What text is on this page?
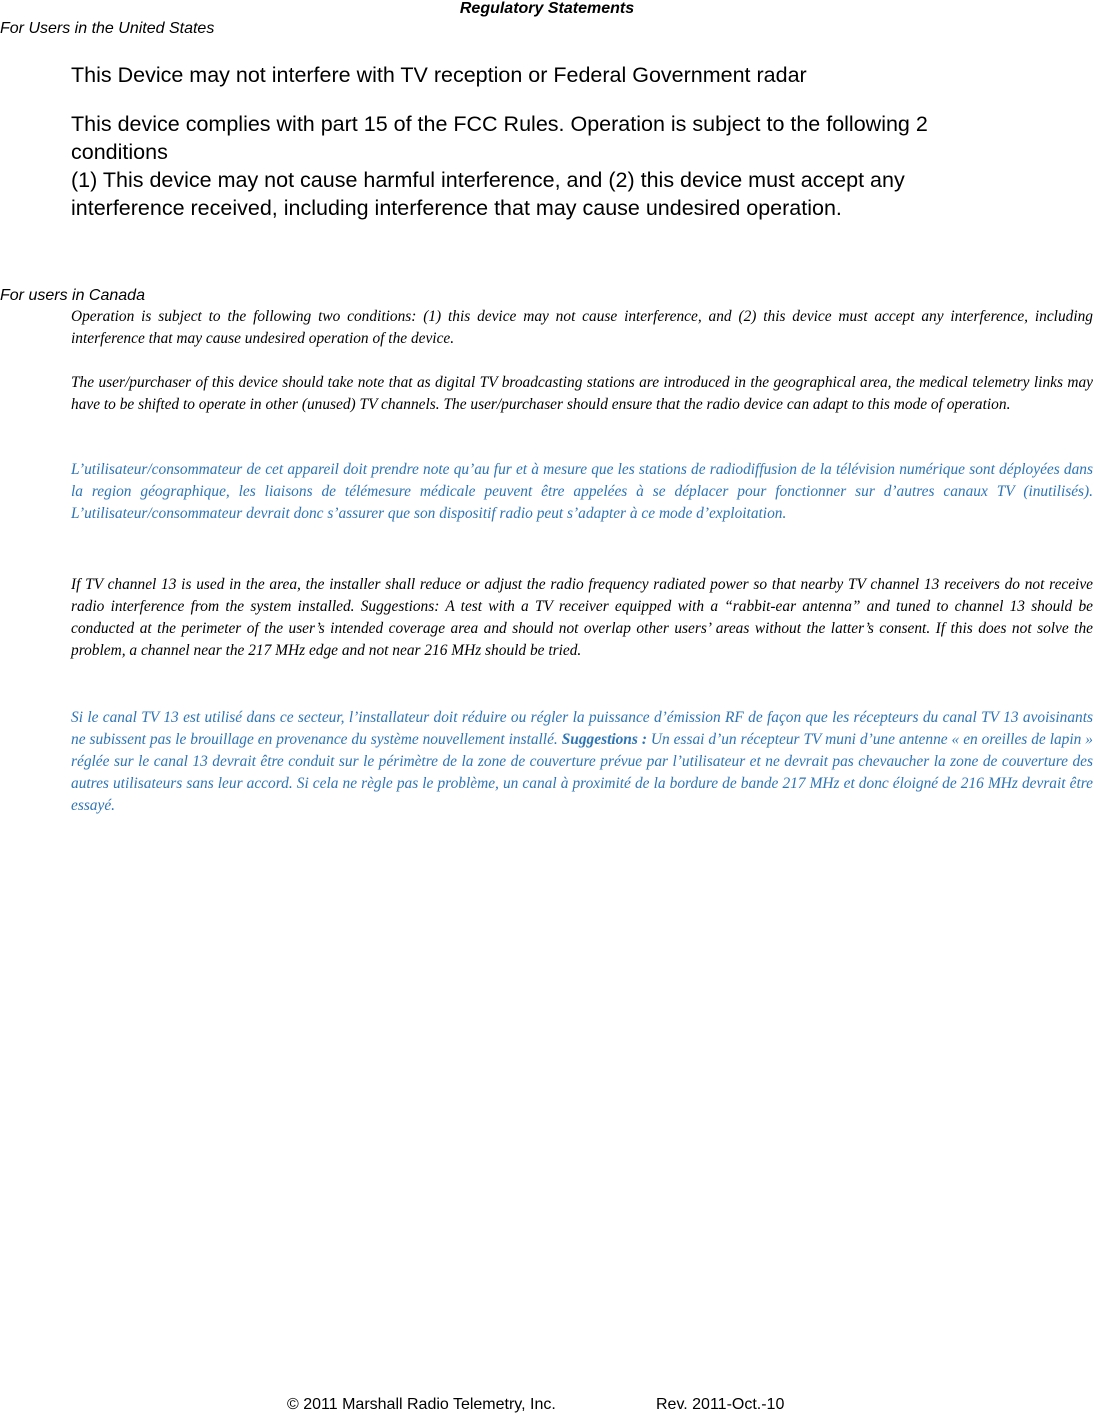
Regulatory Statements
For Users in the United States
This Device may not interfere with TV reception or Federal Government radar
This device complies with part 15 of the FCC Rules. Operation is subject to the following 2
conditions
(1) This device may not cause harmful interference, and (2) this device must accept any
interference received, including interference that may cause undesired operation.
For users in Canada

Operation is subject to the following two conditions: (1) this device may not cause interference, and (2) this device must accept any interference, including interference that may cause undesired operation of the device.

The user/purchaser of this device should take note that as digital TV broadcasting stations are introduced in the geographical area, the medical telemetry links may have to be shifted to operate in other (unused) TV channels. The user/purchaser should ensure that the radio device can adapt to this mode of operation.

L’utilisateur/consommateur de cet appareil doit prendre note qu’au fur et à mesure que les stations de radiodiffusion de la télévision numérique sont déployées dans la region géographique, les liaisons de télémesure médicale peuvent être appelées à se déplacer pour fonctionner sur d’autres canaux TV (inutilisés). L’utilisateur/consommateur devrait donc s’assurer que son dispositif radio peut s’adapter à ce mode d’exploitation.

If TV channel 13 is used in the area, the installer shall reduce or adjust the radio frequency radiated power so that nearby TV channel 13 receivers do not receive radio interference from the system installed. Suggestions: A test with a TV receiver equipped with a “rabbit-ear antenna” and tuned to channel 13 should be conducted at the perimeter of the user’s intended coverage area and should not overlap other users’ areas without the latter’s consent. If this does not solve the problem, a channel near the 217 MHz edge and not near 216 MHz should be tried.

Si le canal TV 13 est utilisé dans ce secteur, l’installateur doit réduire ou régler la puissance d’émission RF de façon que les récepteurs du canal TV 13 avoisinants ne subissent pas le brouillage en provenance du système nouvellement installé. Suggestions : Un essai d’un récepteur TV muni d’une antenne « en oreilles de lapin » réglée sur le canal 13 devrait être conduit sur le périmètre de la zone de couverture prévue par l’utilisateur et ne devrait pas chevaucher la zone de couverture des autres utilisateurs sans leur accord. Si cela ne règle pas le problème, un canal à proximité de la bordure de bande 217 MHz et donc éloigné de 216 MHz devrait être essayé.

© 2011 Marshall Radio Telemetry, Inc.	Rev. 2011-Oct.-10
